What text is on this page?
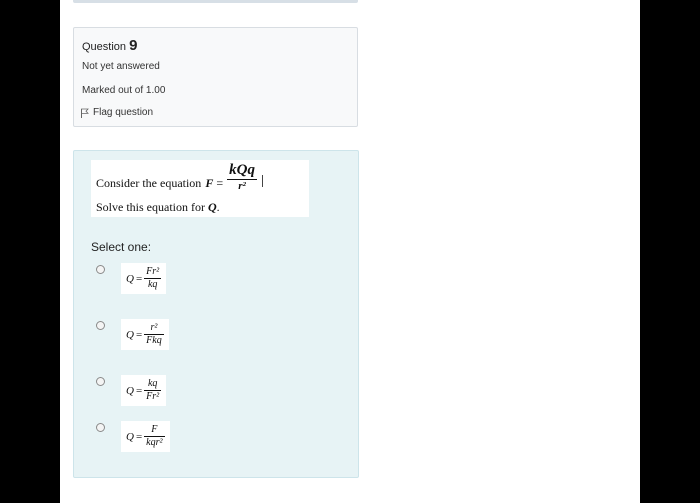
Question 9
Not yet answered
Marked out of 1.00
Flag question
Consider the equation $F = \frac{\text{kQq}}{\text{r²}}$
Solve this equation for Q.
Select one:
$Q = \frac{\text{Fr²}}{kq}$
$Q = \frac{\text{r²}}{\text{Fkq}}$
$Q = \frac{kq}{\text{Fr²}}$
$Q = \frac{F}{\text{kqr²}}$
